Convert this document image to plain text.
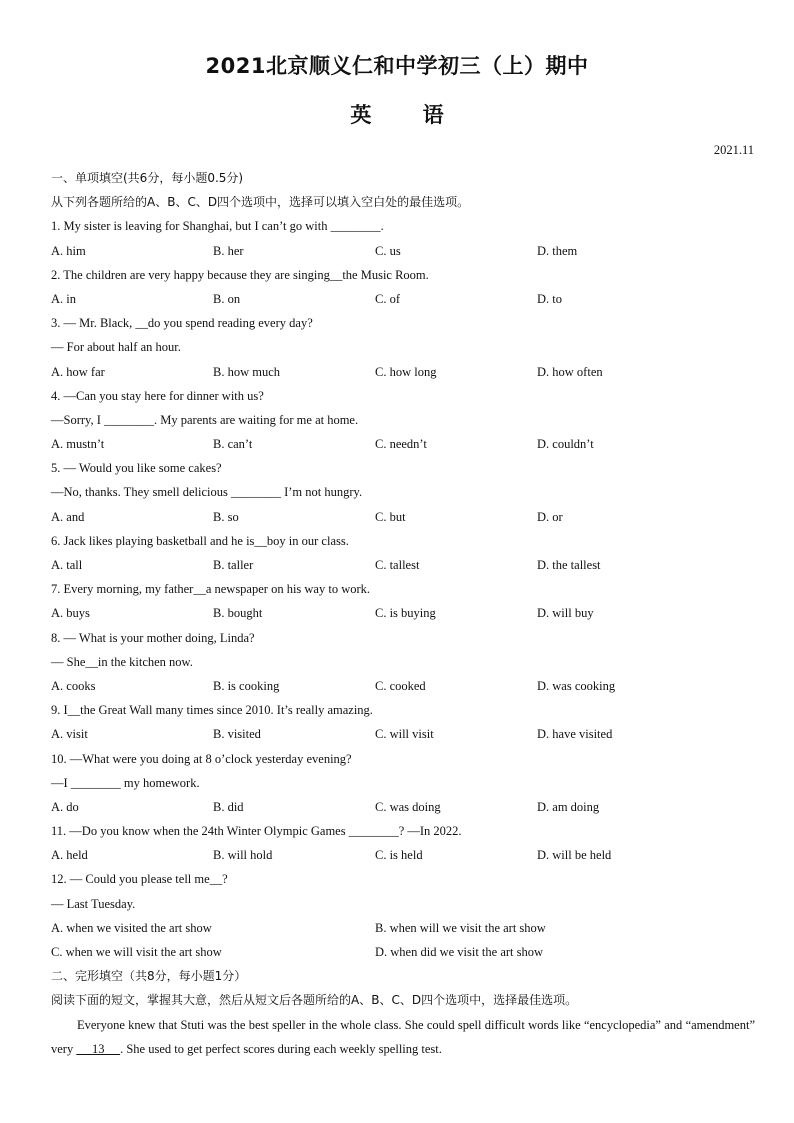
2021北京顺义仁和中学初三（上）期中
英 语
2021.11
一、单项填空(共6分，每小题0.5分)
从下列各题所给的A、B、C、D四个选项中，选择可以填入空白处的最佳选项。
1. My sister is leaving for Shanghai, but I can’t go with ________.
A. him	B. her	C. us	D. them
2. The children are very happy because they are singing__the Music Room.
A. in	B. on	C. of	D. to
3. — Mr. Black, __do you spend reading every day?
— For about half an hour.
A. how far	B. how much	C. how long	D. how often
4. —Can you stay here for dinner with us?
—Sorry, I ________. My parents are waiting for me at home.
A. mustn’t	B. can’t	C. needn’t	D. couldn’t
5. — Would you like some cakes?
—No, thanks. They smell delicious ________ I’m not hungry.
A. and	B. so	C. but	D. or
6. Jack likes playing basketball and he is__boy in our class.
A. tall	B. taller	C. tallest	D. the tallest
7. Every morning, my father__a newspaper on his way to work.
A. buys	B. bought	C. is buying	D. will buy
8. — What is your mother doing, Linda?
— She__in the kitchen now.
A. cooks	B. is cooking	C. cooked	D. was cooking
9. I__the Great Wall many times since 2010. It’s really amazing.
A. visit	B. visited	C. will visit	D. have visited
10. —What were you doing at 8 o’clock yesterday evening?
—I ________ my homework.
A. do	B. did	C. was doing	D. am doing
11. —Do you know when the 24th Winter Olympic Games ________? —In 2022.
A. held	B. will hold	C. is held	D. will be held
12. — Could you please tell me__?
— Last Tuesday.
A. when we visited the art show	B. when will we visit the art show
C. when we will visit the art show	D. when did we visit the art show
二、完形填空（共8分，每小题1分）
阅读下面的短文，掌握其大意，然后从短文后各题所给的A、B、C、D四个选项中，选择最佳选项。
Everyone knew that Stuti was the best speller in the whole class. She could spell difficult words like “encyclopedia” and “amendment” very      13     . She used to get perfect scores during each weekly spelling test.
